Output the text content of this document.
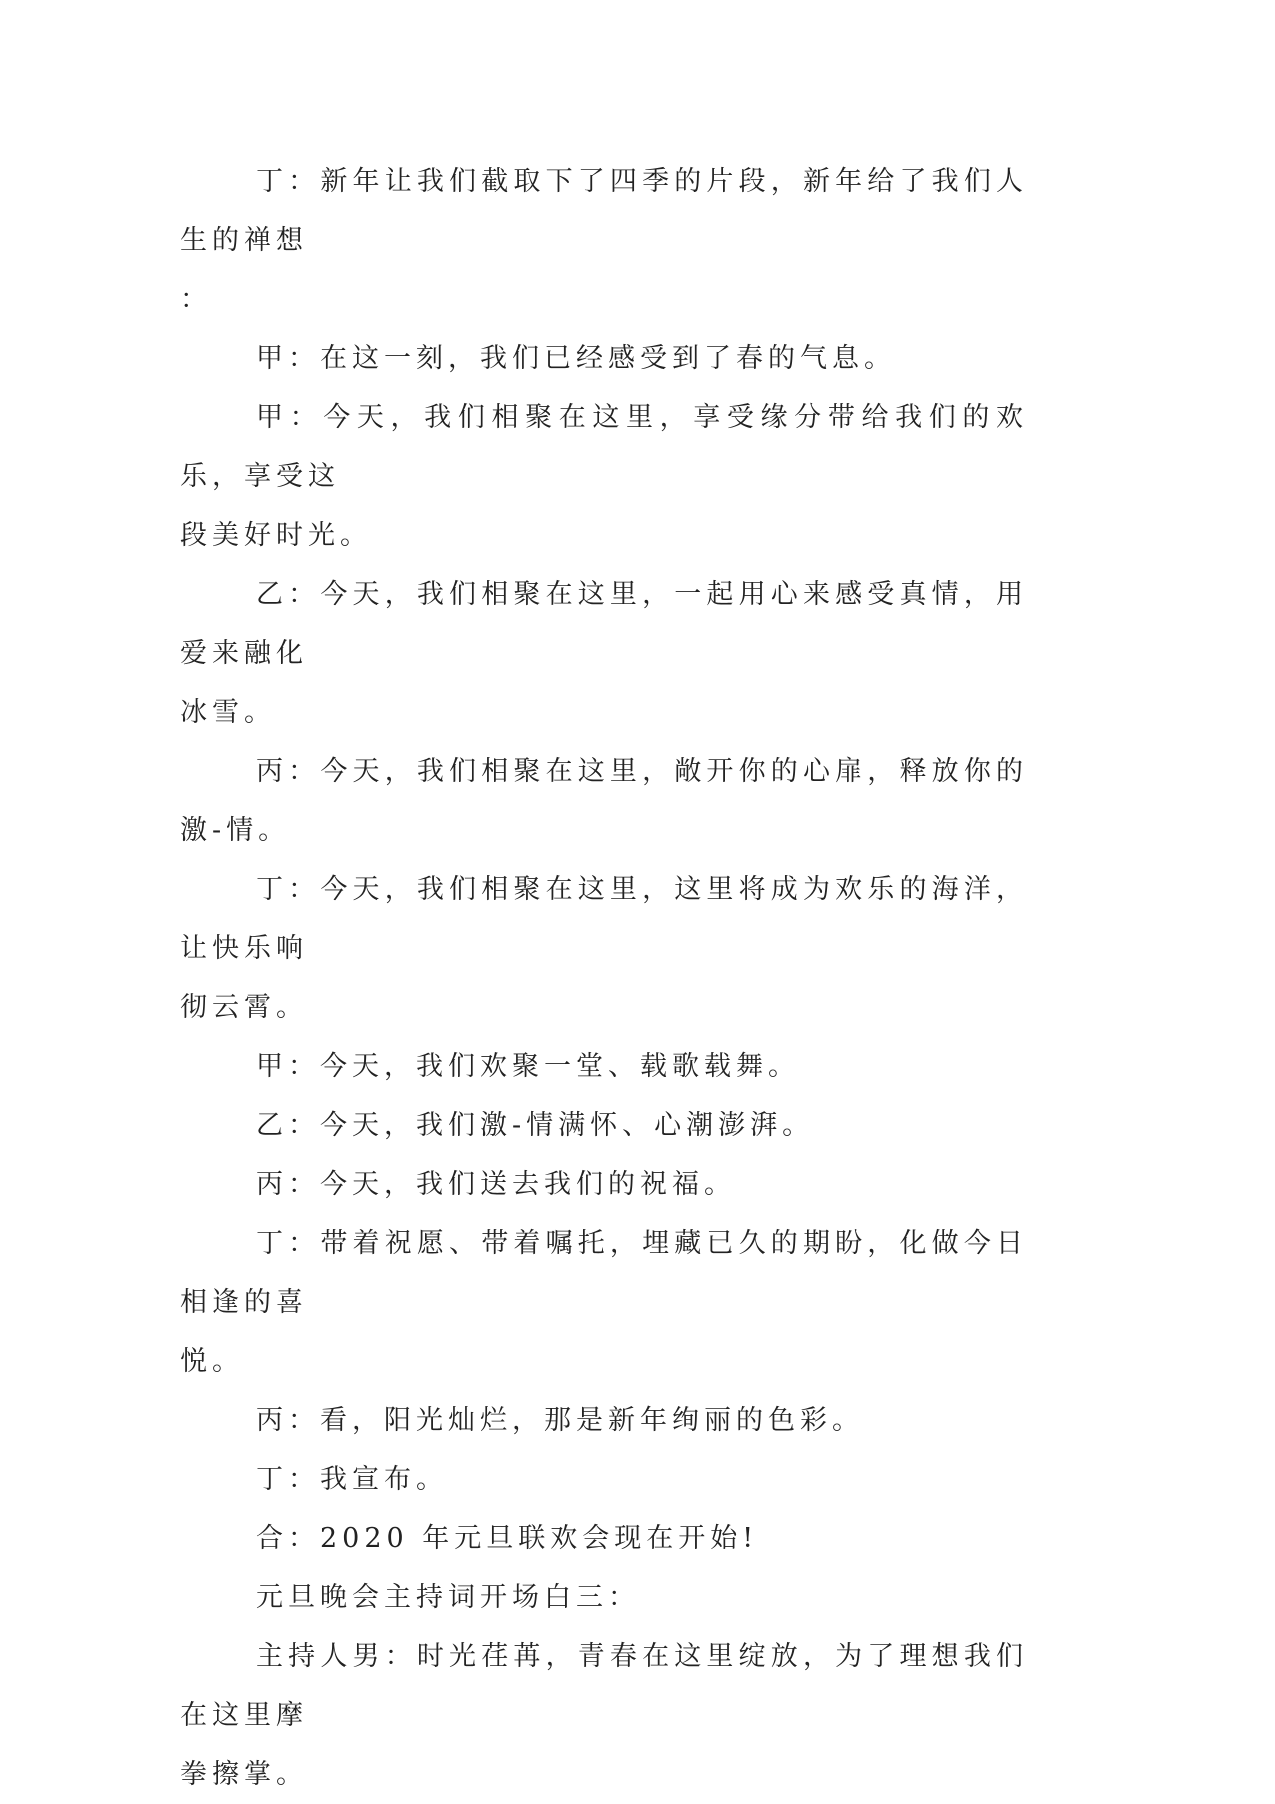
丁：新年让我们截取下了四季的片段，新年给了我们人生的禅想
：

甲：在这一刻，我们已经感受到了春的气息。

甲：今天，我们相聚在这里，享受缘分带给我们的欢乐，享受这
段美好时光。

乙：今天，我们相聚在这里，一起用心来感受真情，用爱来融化
冰雪。

丙：今天，我们相聚在这里，敞开你的心扉，释放你的激-情。

丁：今天，我们相聚在这里，这里将成为欢乐的海洋，让快乐响
彻云霄。

甲：今天，我们欢聚一堂、载歌载舞。

乙：今天，我们激-情满怀、心潮澎湃。

丙：今天，我们送去我们的祝福。

丁：带着祝愿、带着嘱托，埋藏已久的期盼，化做今日相逢的喜
悦。

丙：看，阳光灿烂，那是新年绚丽的色彩。

丁：我宣布。

合：2020 年元旦联欢会现在开始!

元旦晚会主持词开场白三：

主持人男：时光荏苒，青春在这里绽放，为了理想我们在这里摩
拳擦掌。
